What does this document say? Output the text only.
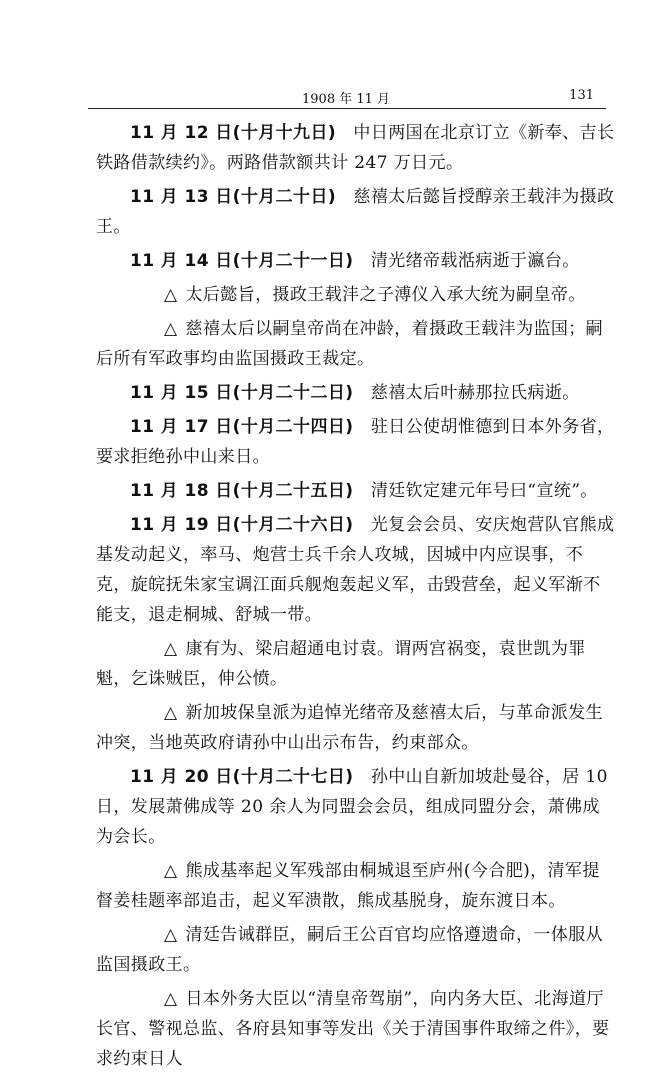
1908 年 11 月	131

11 月 12 日(十月十九日)　 中日两国在北京订立《新奉、吉长铁路借款续约》。两路借款额共计 247 万日元。

11 月 13 日(十月二十日)　 慈禧太后懿旨授醇亲王载沣为摄政王。

11 月 14 日(十月二十一日)　 清光绪帝载湉病逝于瀛台。

△ 太后懿旨，摄政王载沣之子溥仪入承大统为嗣皇帝。

△ 慈禧太后以嗣皇帝尚在冲龄，着摄政王载沣为监国；嗣后所有军政事均由监国摄政王裁定。

11 月 15 日(十月二十二日)　 慈禧太后叶赫那拉氏病逝。

11 月 17 日(十月二十四日)　 驻日公使胡惟德到日本外务省，要求拒绝孙中山来日。

11 月 18 日(十月二十五日)　 清廷钦定建元年号曰“宣统”。

11 月 19 日(十月二十六日)　 光复会会员、安庆炮营队官熊成基发动起义，率马、炮营士兵千余人攻城，因城中内应误事，不克，旋皖抚朱家宝调江面兵舰炮轰起义军，击毁营垒，起义军渐不能支，退走桐城、舒城一带。

△ 康有为、梁启超通电讨袁。谓两宫祸变，袁世凯为罪魁，乞诛贼臣，伸公愤。

△ 新加坡保皇派为追悼光绪帝及慈禧太后，与革命派发生冲突，当地英政府请孙中山出示布告，约束部众。

11 月 20 日(十月二十七日)　 孙中山自新加坡赴曼谷，居 10 日，发展萧佛成等 20 余人为同盟会会员，组成同盟分会，萧佛成为会长。

△ 熊成基率起义军残部由桐城退至庐州(今合肥)，清军提督姜桂题率部追击，起义军溃散，熊成基脱身，旋东渡日本。

△ 清廷告诫群臣，嗣后王公百官均应恪遵遗命，一体服从监国摄政王。

△ 日本外务大臣以“清皇帝驾崩”，向内务大臣、北海道厅长官、警视总监、各府县知事等发出《关于清国事件取缔之件》，要求约束日人
